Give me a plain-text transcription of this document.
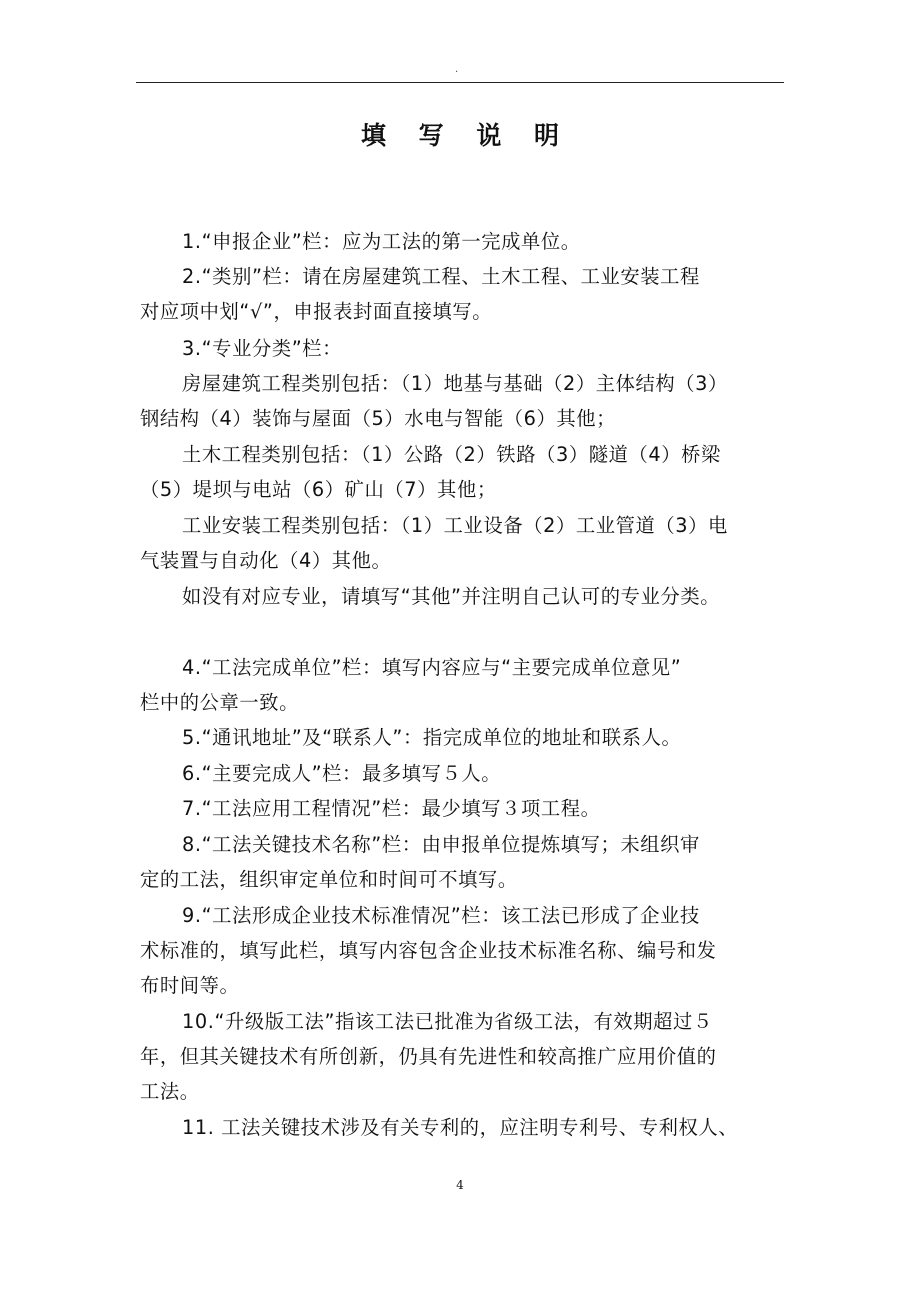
.
填 写 说 明
1.“申报企业”栏：应为工法的第一完成单位。
2.“类别”栏：请在房屋建筑工程、土木工程、工业安装工程
对应项中划“√”，申报表封面直接填写。
3.“专业分类”栏：
房屋建筑工程类别包括：（1）地基与基础（2）主体结构（3）
钢结构（4）装饰与屋面（5）水电与智能（6）其他；
土木工程类别包括：（1）公路（2）铁路（3）隧道（4）桥梁
（5）堤坝与电站（6）矿山（7）其他；
工业安装工程类别包括：（1）工业设备（2）工业管道（3）电
气装置与自动化（4）其他。
如没有对应专业，请填写“其他”并注明自己认可的专业分类。
4.“工法完成单位”栏：填写内容应与“主要完成单位意见”
栏中的公章一致。
5.“通讯地址”及“联系人”：指完成单位的地址和联系人。
6.“主要完成人”栏：最多填写５人。
7.“工法应用工程情况”栏：最少填写３项工程。
8.“工法关键技术名称”栏：由申报单位提炼填写；未组织审
定的工法，组织审定单位和时间可不填写。
9.“工法形成企业技术标准情况”栏：该工法已形成了企业技
术标准的，填写此栏，填写内容包含企业技术标准名称、编号和发
布时间等。
10.“升级版工法”指该工法已批准为省级工法，有效期超过５
年，但其关键技术有所创新，仍具有先进性和较高推广应用价值的
工法。
11. 工法关键技术涉及有关专利的，应注明专利号、专利权人、
4
